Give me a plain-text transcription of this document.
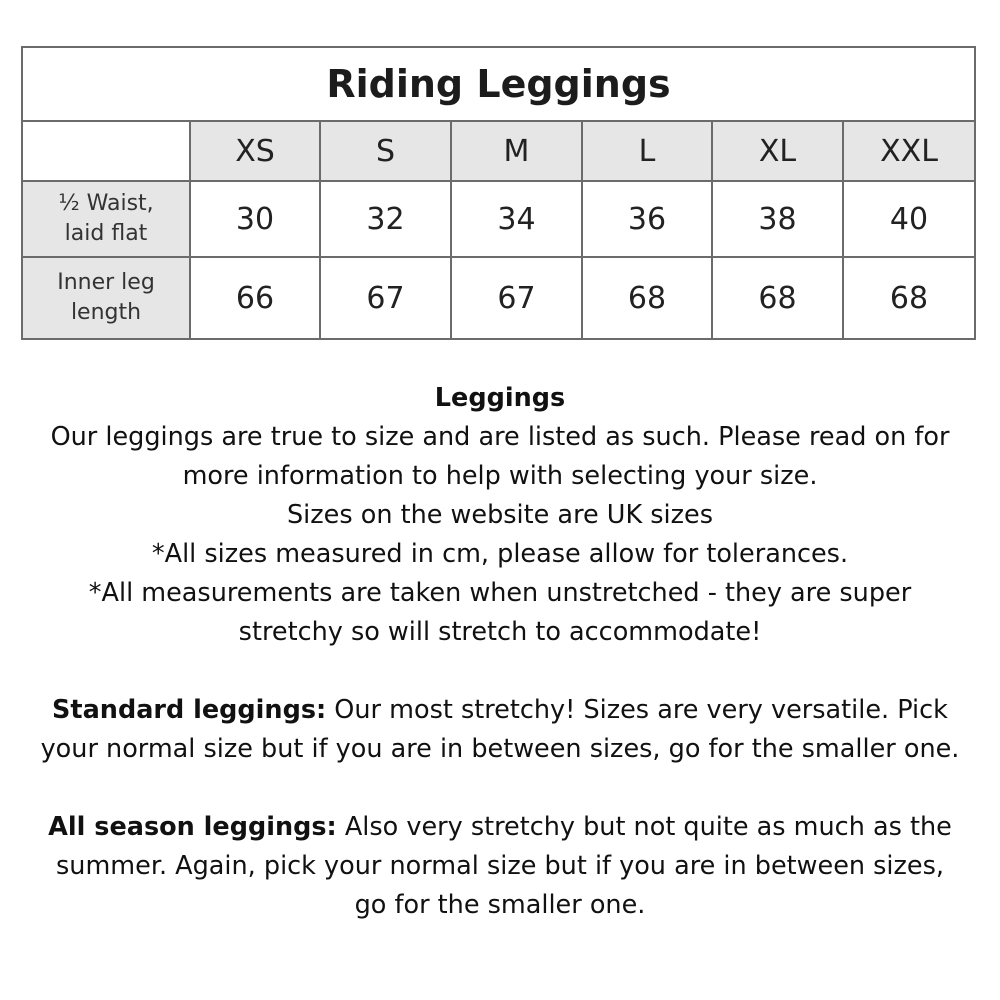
Riding Leggings						
	XS	S	M	L	XL	XXL

½ Waist,
laid flat	30	32	34	36	38	40

Inner leg
length	66	67	67	68	68	68

Leggings

Our leggings are true to size and are listed as such. Please read on for

more information to help with selecting your size.

Sizes on the website are UK sizes

*All sizes measured in cm, please allow for tolerances.

*All measurements are taken when unstretched - they are super

stretchy so will stretch to accommodate!

Standard leggings: Our most stretchy! Sizes are very versatile. Pick

your normal size but if you are in between sizes, go for the smaller one.

All season leggings: Also very stretchy but not quite as much as the

summer. Again, pick your normal size but if you are in between sizes,

go for the smaller one.
